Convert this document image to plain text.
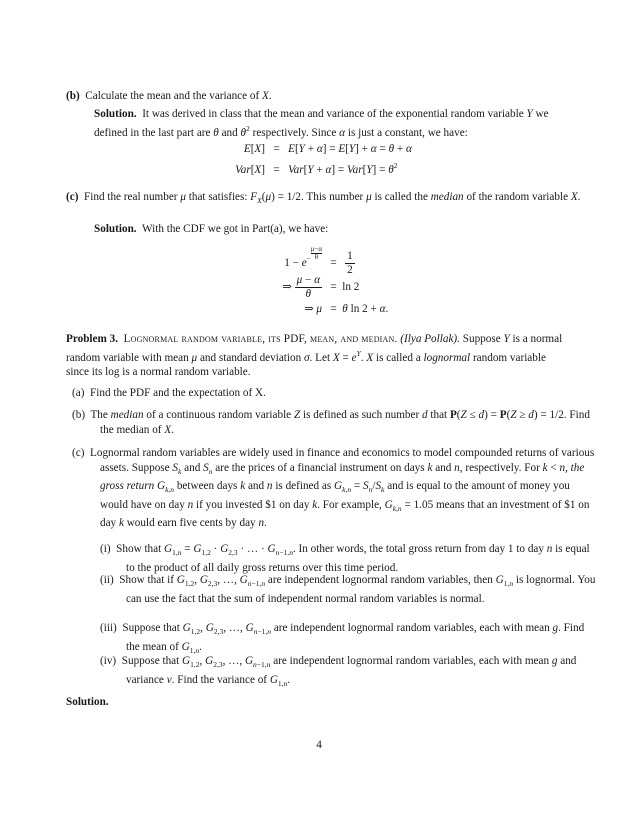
(b)  Calculate the mean and the variance of X.
Solution.  It was derived in class that the mean and variance of the exponential random variable Y we defined in the last part are θ and $\theta^2$ respectively. Since α is just a constant, we have:
E[X]   =   E[Y + α] = E[Y] + α = θ + α
$Var[X] = Var[Y + \alpha] = Var[Y] = \theta^2$
(c)  Find the real number μ that satisfies: $F_X(\mu) = 1/2$. This number μ is called the median of the random variable X.
Solution. With the CDF we got in Part(a), we have:
$1 - e^{- \frac{\mu-\alpha}{\theta}}$
= $\frac{1}{2}$
⇒ $\frac{\mu - \alpha}{\theta} = \ln 2$
⇒ μ   =  θ ln 2 + α.
Problem 3. Lognormal random variable, its PDF, mean, and median. (Ilya Pollak). Suppose Y is a normal random variable with mean μ and standard deviation σ. Let $X = e^Y$. X is called a lognormal random variable since its log is a normal random variable.
(a) Find the PDF and the expectation of X.
(b)  The median of a continuous random variable Z is defined as such number d that P(Z ≤ d) = P(Z ≥ d) = 1/2. Find the median of X.
(c)  Lognormal random variables are widely used in finance and economics to model compounded returns of various assets. Suppose $S_k$ and $S_n$ are the prices of a financial instrument on days k and n, respectively. For k < n, the gross return $G_{k,n}$ between days k and n is defined as $G_{k,n} = S_n/S_k$ and is equal to the amount of money you would have on day n if you invested $1 on day k. For example, $G_{k,n} = 1.05$ means that an investment of $1 on day k would earn five cents by day n.
(i)  Show that $G_{1,n} = G_{1,2} \cdot G_{2,3}$ · … · $G_{n-1,n}$. In other words, the total gross return from day 1 to day n is equal to the product of all daily gross returns over this time period.
(ii)  Show that if $G_{1,2}$, $G_{2,3}$, …, $G_{n-1,n}$ are independent lognormal random variables, then $G_{1,n}$ is lognormal. You can use the fact that the sum of independent normal random variables is normal.
(iii)  Suppose that $G_{1,2}$, $G_{2,3}$, …, $G_{n-1,n}$ are independent lognormal random variables, each with mean g. Find the mean of $G_{1,n}$.
(iv)  Suppose that $G_{1,2}$, $G_{2,3}$, …, $G_{n-1,n}$ are independent lognormal random variables, each with mean g and variance v. Find the variance of $G_{1,n}$.
Solution.
4
